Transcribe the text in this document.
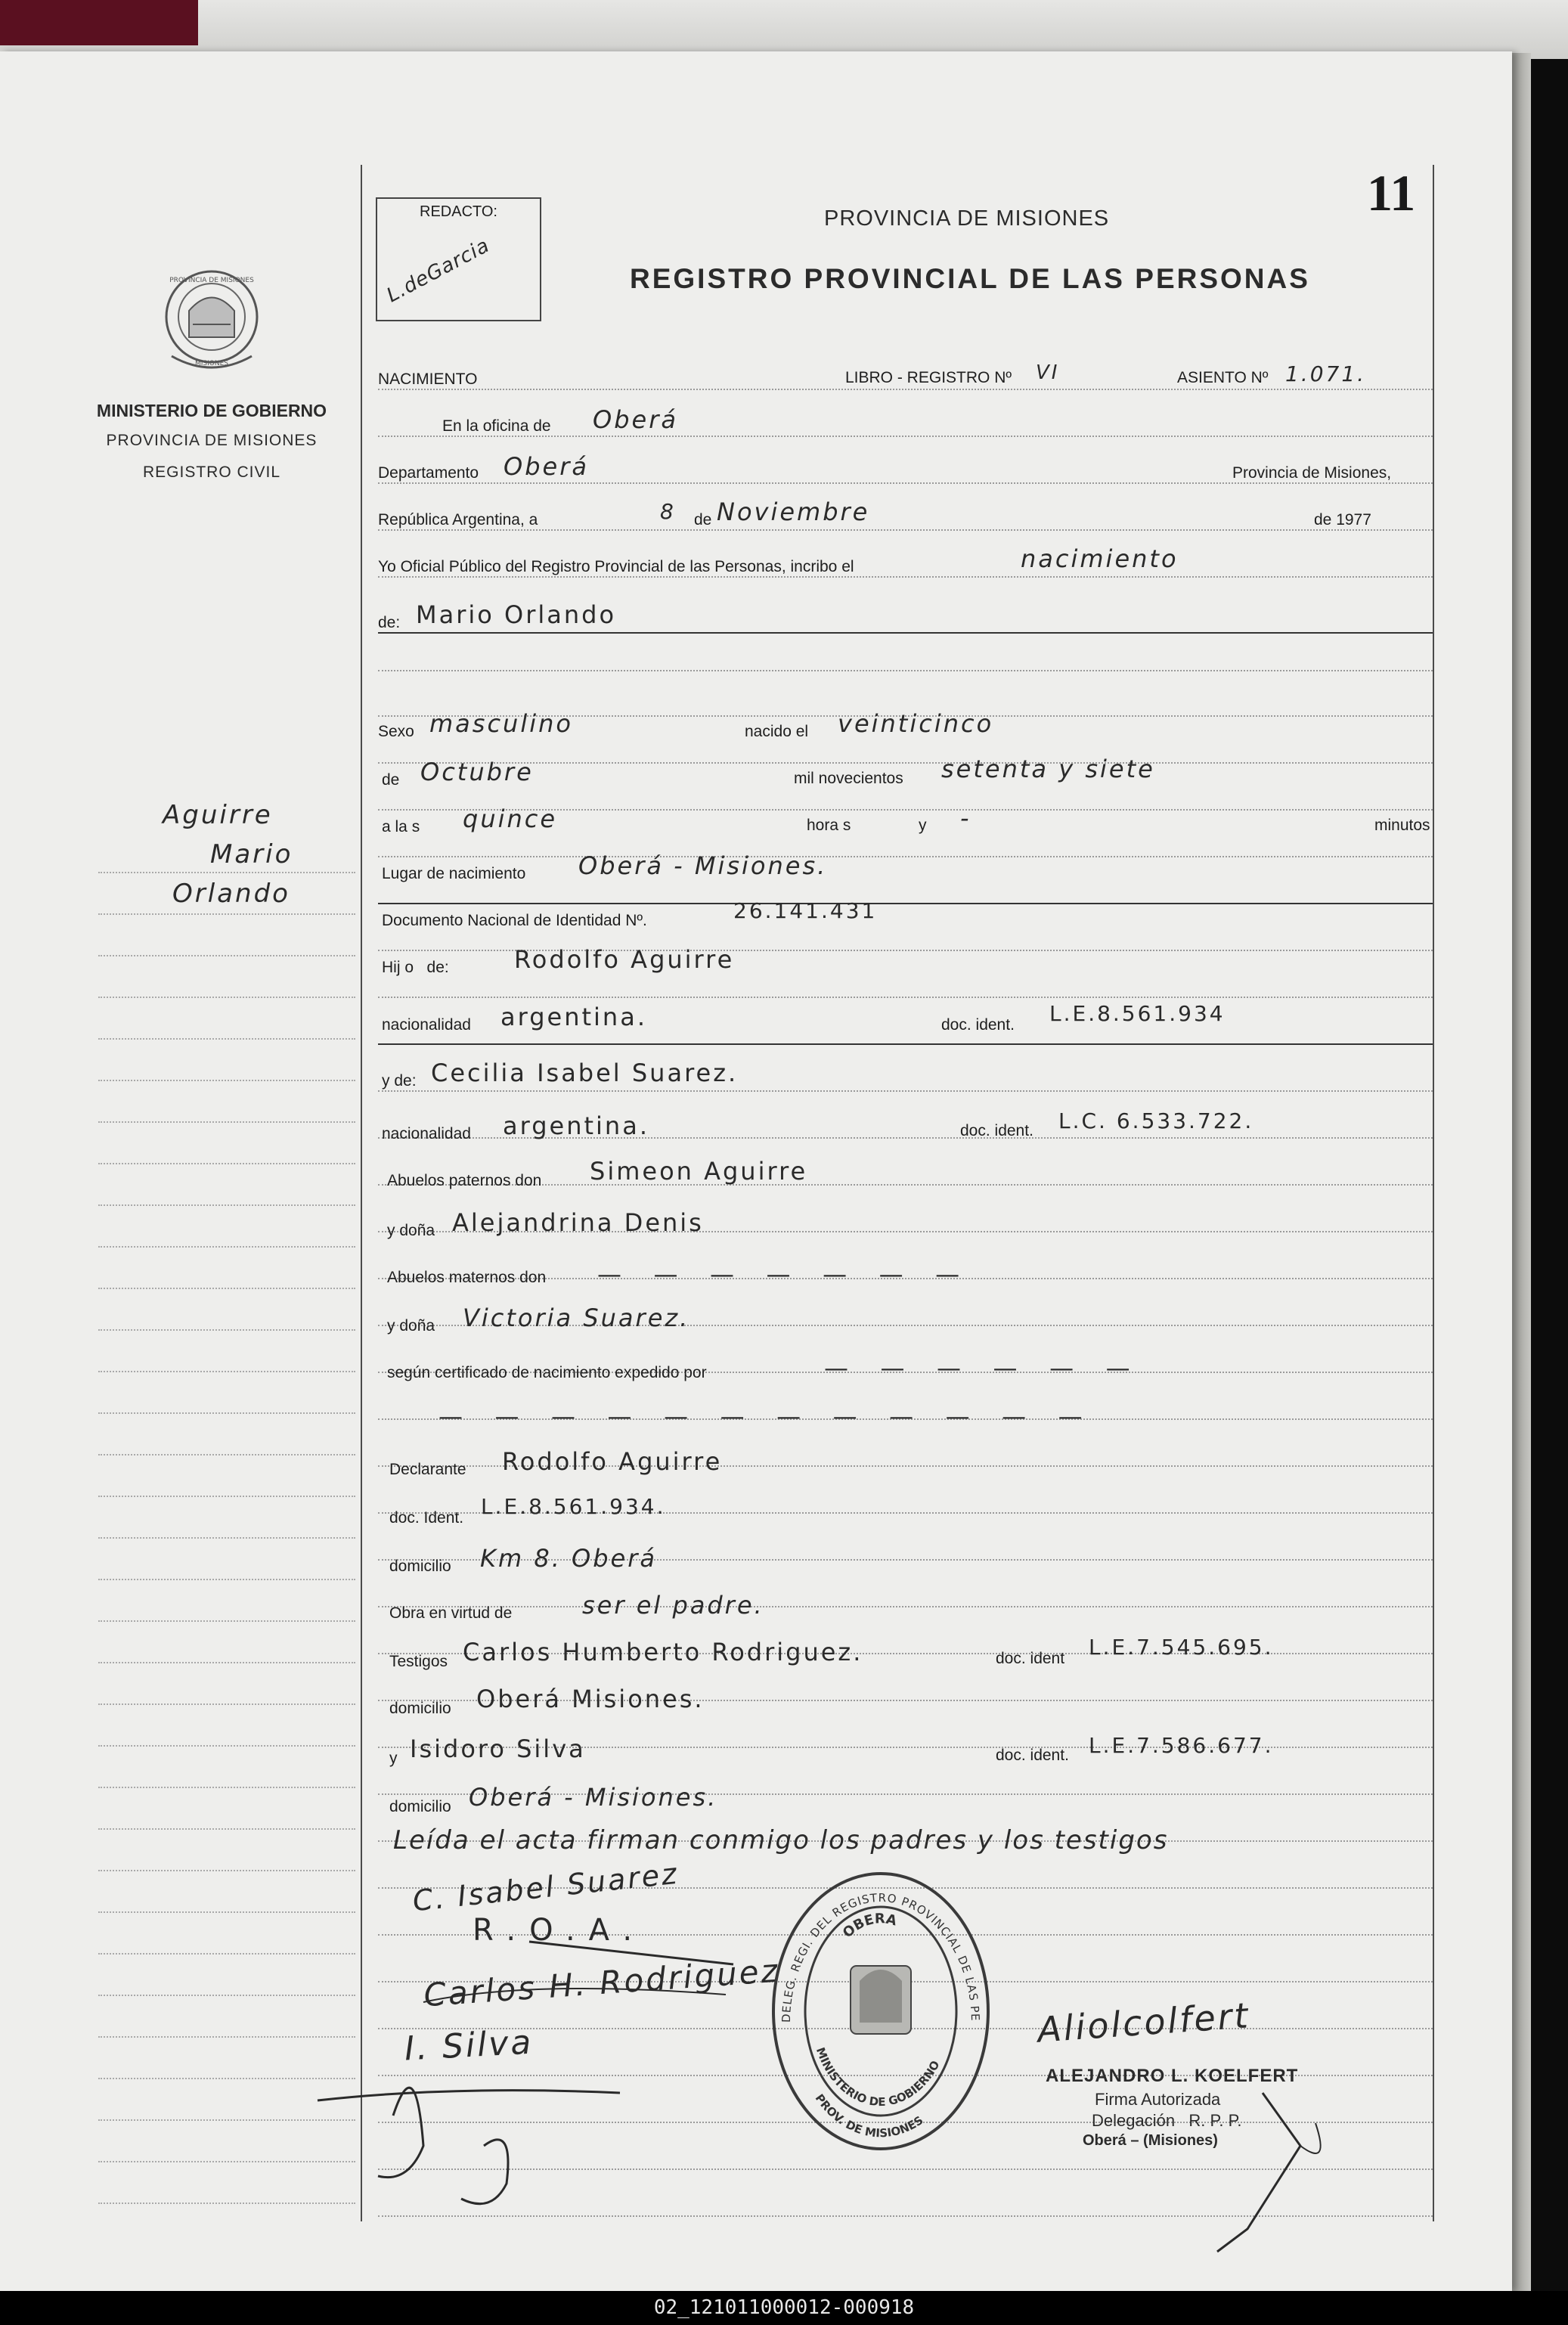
PROVINCIA DE MISIONES
MISIONES
MINISTERIO DE GOBIERNO
PROVINCIA DE MISIONES
REGISTRO CIVIL
Aguirre
Mario
Orlando
REDACTO:
L.deGarcia
PROVINCIA DE MISIONES
REGISTRO PROVINCIAL DE LAS PERSONAS
11
NACIMIENTO	LIBRO - REGISTRO Nº VI	ASIENTO Nº 1.071.
En la oficina de Oberá
Departamento Oberá	Provincia de Misiones,
República Argentina, a	8 de Noviembre	de 1977
Yo Oficial Público del Registro Provincial de las Personas, incribo el	nacimiento
de: Mario Orlando
Sexo masculino	nacido el veinticinco
de Octubre	mil novecientos setenta y siete
a la s quince	hora s	y -	minutos
Lugar de nacimiento Oberá - Misiones.
Documento Nacional de Identidad Nº.	26.141.431
Hij o   de:	Rodolfo Aguirre
nacionalidad argentina.	doc. ident. L.E.8.561.934
y de: Cecilia Isabel Suarez.
nacionalidad argentina.	doc. ident. L.C. 6.533.722.
Abuelos paternos don Simeon Aguirre
y doña Alejandrina Denis
Abuelos maternos don —   —   —   —   —   —   —
y doña Victoria Suarez.
según certificado de nacimiento expedido por	—   —   —   —   —   —
—   —   —   —   —   —   —   —   —   —   —   —
Declarante Rodolfo Aguirre
doc. Ident. L.E.8.561.934.
domicilio Km 8. Oberá
Obra en virtud de	ser el padre.
Testigos Carlos Humberto Rodriguez.	doc. ident L.E.7.545.695.
domicilio Oberá Misiones.
y Isidoro Silva	doc. ident. L.E.7.586.677.
domicilio Oberá - Misiones.
Leída el acta firman conmigo los padres y los testigos
C. Isabel Suarez
R.O.A.
Carlos H. Rodriguez
I. Silva
DELEG. REGI. DEL REGISTRO PROVINCIAL DE LAS PE
PROV. DE MISIONES
OBERA
MINISTERIO DE GOBIERNO
Aliolcolfert
ALEJANDRO L. KOELFERT
Firma Autorizada
Delegación   R. P. P.
Oberá – (Misiones)
02_121011000012-000918
